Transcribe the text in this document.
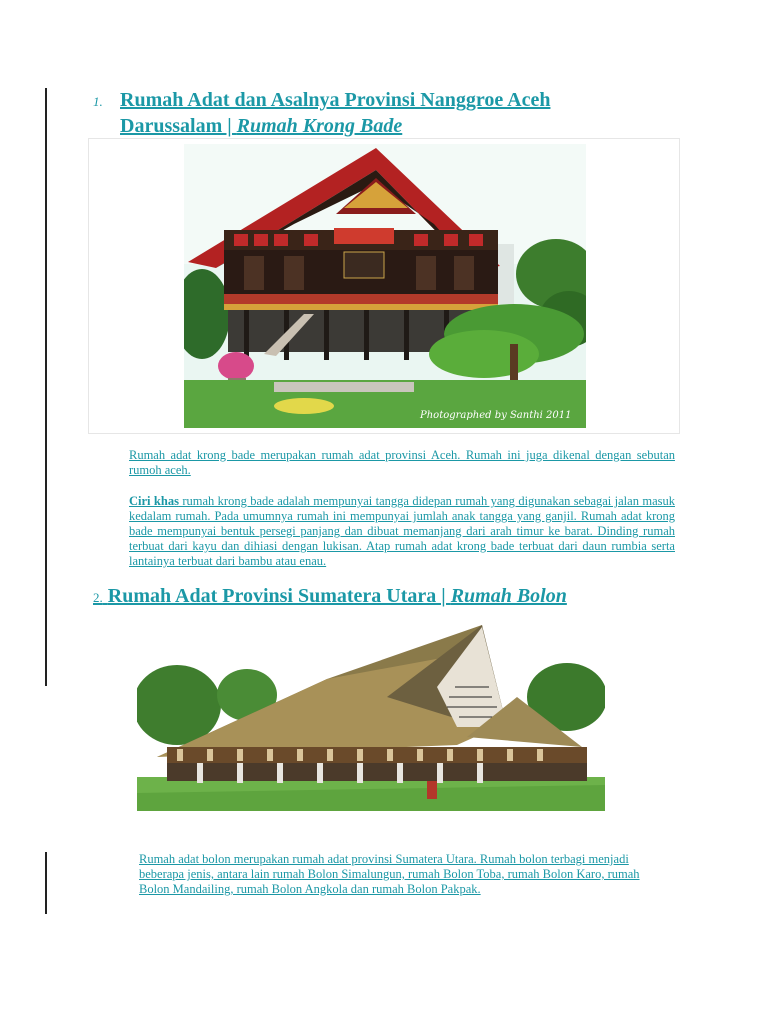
1. Rumah Adat dan Asalnya Provinsi Nanggroe Aceh
Darussalam | Rumah Krong Bade
Photographed by Santhi 2011
Rumah adat krong bade merupakan rumah adat provinsi Aceh. Rumah ini juga dikenal dengan sebutan rumoh aceh.
Ciri khas rumah krong bade adalah mempunyai tangga didepan rumah yang digunakan sebagai jalan masuk kedalam rumah. Pada umumnya rumah ini mempunyai jumlah anak tangga yang ganjil. Rumah adat krong bade mempunyai bentuk persegi panjang dan dibuat memanjang dari arah timur ke barat. Dinding rumah terbuat dari kayu dan dihiasi dengan lukisan. Atap rumah adat krong bade terbuat dari daun rumbia serta lantainya terbuat dari bambu atau enau.
2. Rumah Adat Provinsi Sumatera Utara | Rumah Bolon
Rumah adat bolon merupakan rumah adat provinsi Sumatera Utara. Rumah bolon terbagi menjadi beberapa jenis, antara lain rumah Bolon Simalungun, rumah Bolon Toba, rumah Bolon Karo, rumah Bolon Mandailing, rumah Bolon Angkola dan rumah Bolon Pakpak.
